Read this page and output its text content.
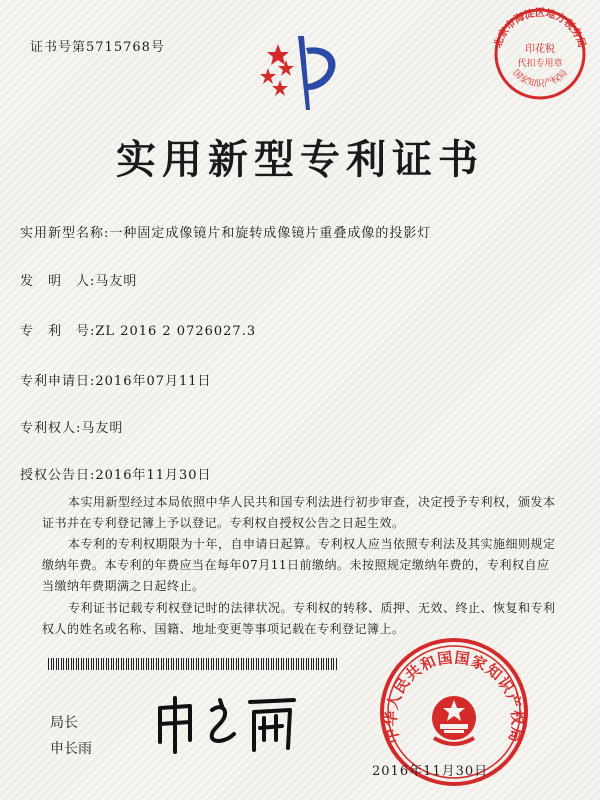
证书号第5715768号	北京市海淀区地方税务局
印花税
代扣专用章
国家知识产权局
实用新型专利证书
实用新型名称:一种固定成像镜片和旋转成像镜片重叠成像的投影灯
发　明　人:马友明
专　利　号:ZL 2016 2 0726027.3
专利申请日:2016年07月11日
专利权人:马友明
授权公告日:2016年11月30日

本实用新型经过本局依照中华人民共和国专利法进行初步审查，决定授予专利权，颁发本证书并在专利登记簿上予以登记。专利权自授权公告之日起生效。

本专利的专利权期限为十年，自申请日起算。专利权人应当依照专利法及其实施细则规定缴纳年费。本专利的年费应当在每年07月11日前缴纳。未按照规定缴纳年费的，专利权自应当缴纳年费期满之日起终止。

专利证书记载专利权登记时的法律状况。专利权的转移、质押、无效、终止、恢复和专利权人的姓名或名称、国籍、地址变更等事项记载在专利登记簿上。

局长
申长雨
中华人民共和国国家知识产权局
2016年11月30日
